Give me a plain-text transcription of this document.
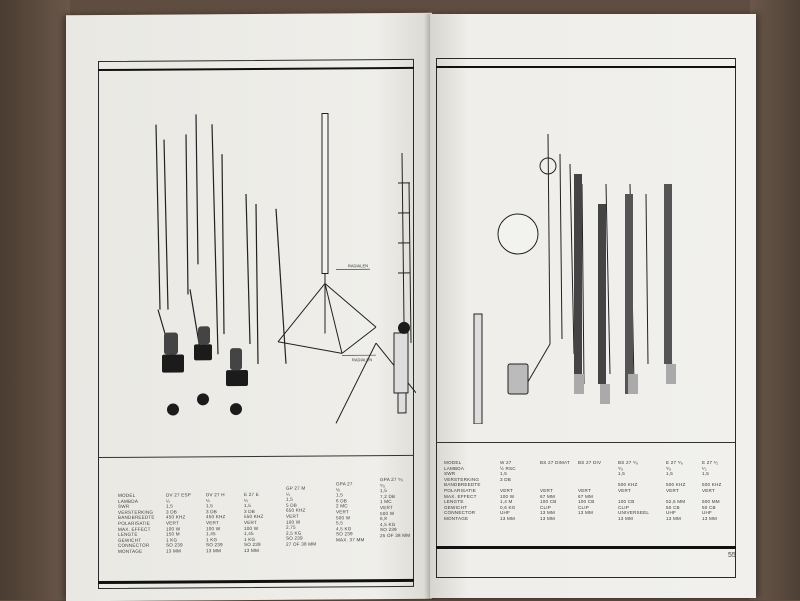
RADIALEN
RADIALEN
MODEL
LAMBDA
SWR
VERSTERKING
BANDBREEDTE
POLARISATIE
MAX. EFFECT
LENGTE
GEWICHT
CONNECTOR
MONTAGE
DV 27 ESP
¼
1,5
3 DB
450 KHZ
VERT
100 W
150 M
1 KG
SO 239
13 MM
DV 27 H
¼
1,5
3 DB
450 KHZ
VERT
100 W
1,45
1 KG
SO 239
13 MM
E 27 E
¼
1,5
3 DB
550 KHZ
VERT
100 W
1,45
1 KG
SO 239
13 MM
GP 27 M
¼
1,5
5 DB
650 KHZ
VERT
100 W
2,75
2,5 KG
SO 239
27 OF 38 MM
GPA 27
½
1,5
6 DB
2 MC
VERT
500 W
5,5
4,5 KG
SO 239
MAX. 37 MM
GPA 27 ⁵⁄₈
⁵⁄₈
1,5
7,2 DB
1 MC
VERT
500 W
6,8
4,5 KG
SO 239
25 OF 38 MM
MODEL
LAMBDA
SWR
VERSTERKING
BANDBREEDTE
POLARISATIE
MAX. EFFECT
LENGTE
GEWICHT
CONNECTOR
MONTAGE
W 27
½ RSC
1,5
3 DB
VERT
100 W
1,4 M
0,6 KG
UHF
13 MM
BS 27 DIMAT
VERT
67 MM
100 CB
CLIP
13 MM
13 MM
BS 27 DIV
VERT
67 MM
100 CB
CLIP
13 MM
BS 27 ⁵⁄₈
⁵⁄₈
1,5
500 KHZ
VERT
100 CB
CLIP
UNIVERSEEL
13 MM
E 27 ⁵⁄₈
⁵⁄₈
1,5
500 KHZ
VERT
52,5 MM
50 CB
UHF
13 MM
E 27 ¹⁄₂
¹⁄₂
1,5
500 KHZ
VERT
500 MM
50 CB
UHF
13 MM
55
